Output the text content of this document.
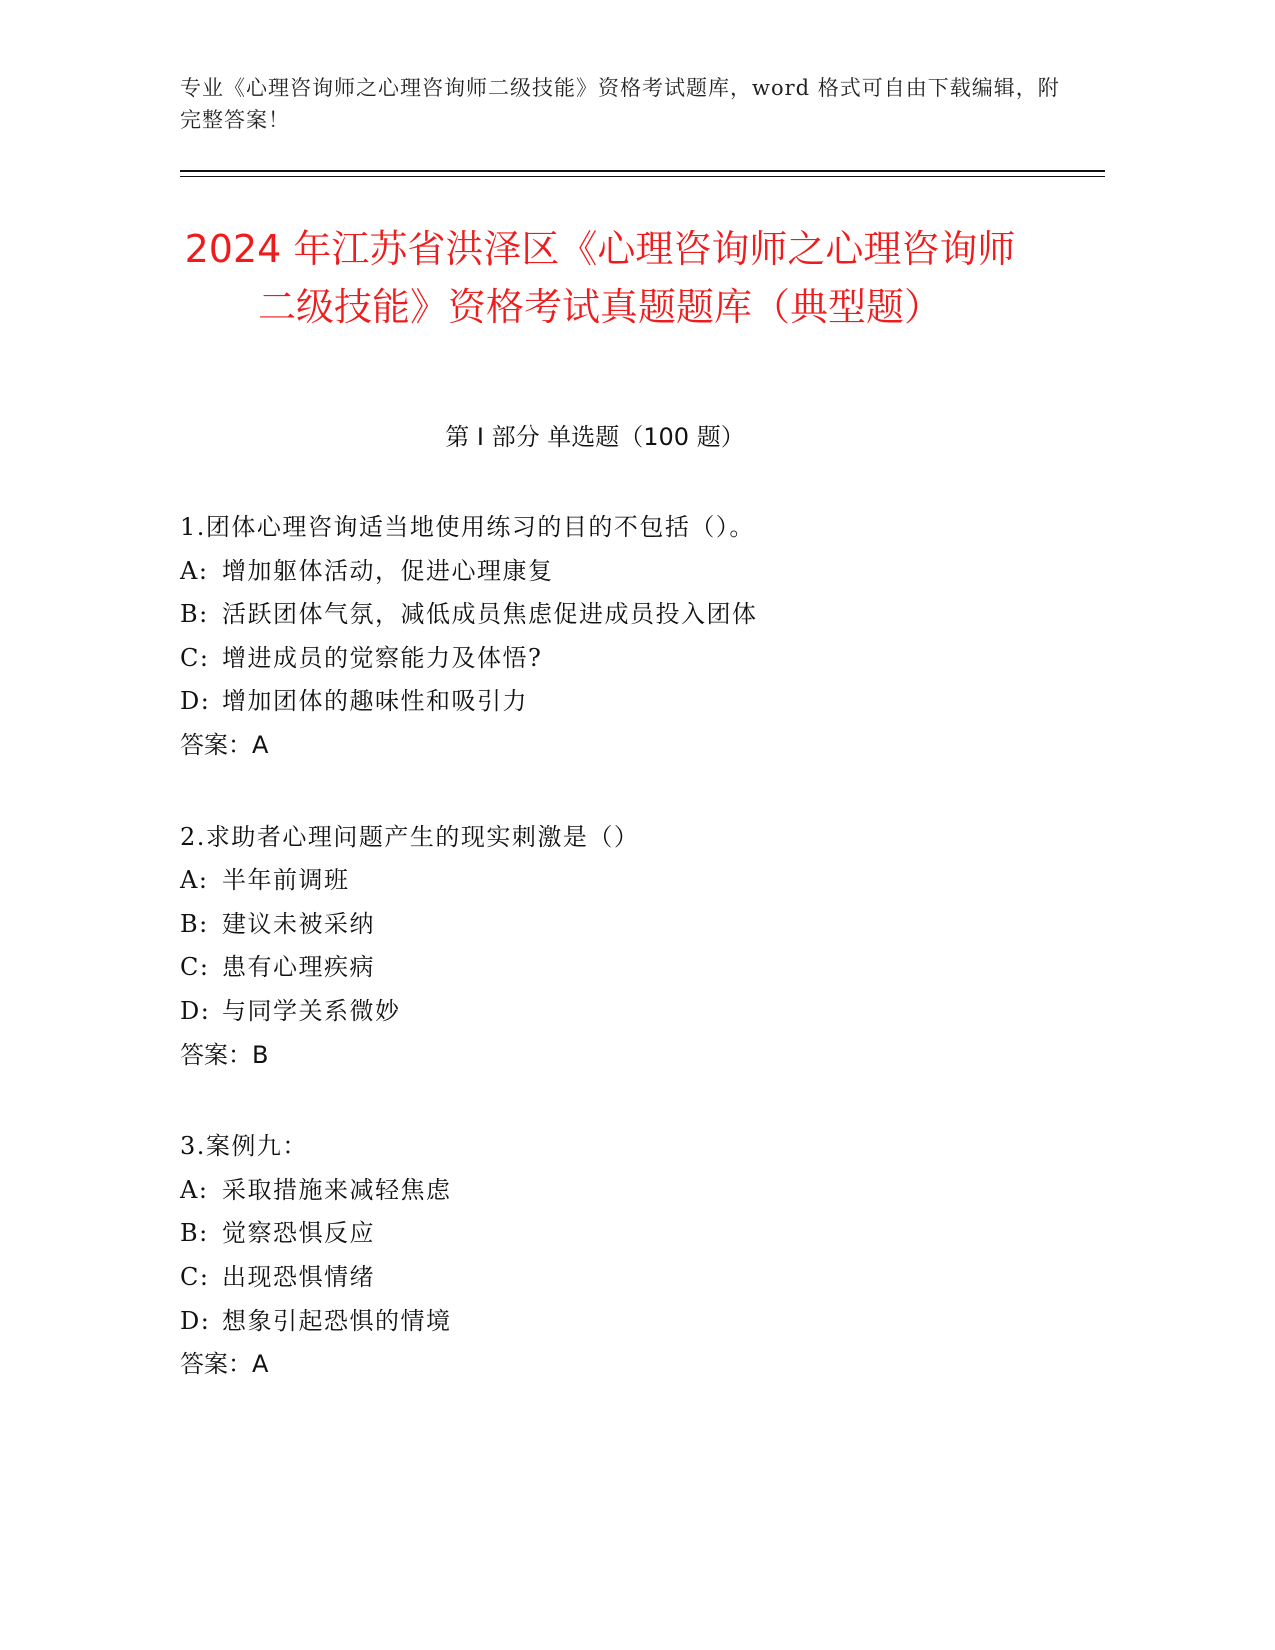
专业《心理咨询师之心理咨询师二级技能》资格考试题库，word 格式可自由下载编辑，附完整答案！
2024 年江苏省洪泽区《心理咨询师之心理咨询师二级技能》资格考试真题题库（典型题）
第 I 部分 单选题（100 题）
1.团体心理咨询适当地使用练习的目的不包括（）。
A: 增加躯体活动，促进心理康复
B: 活跃团体气氛，减低成员焦虑促进成员投入团体
C: 增进成员的觉察能力及体悟?
D: 增加团体的趣味性和吸引力
答案：A
2.求助者心理问题产生的现实刺激是（）
A: 半年前调班
B: 建议未被采纳
C: 患有心理疾病
D: 与同学关系微妙
答案：B
3.案例九：
A: 采取措施来减轻焦虑
B: 觉察恐惧反应
C: 出现恐惧情绪
D: 想象引起恐惧的情境
答案：A
